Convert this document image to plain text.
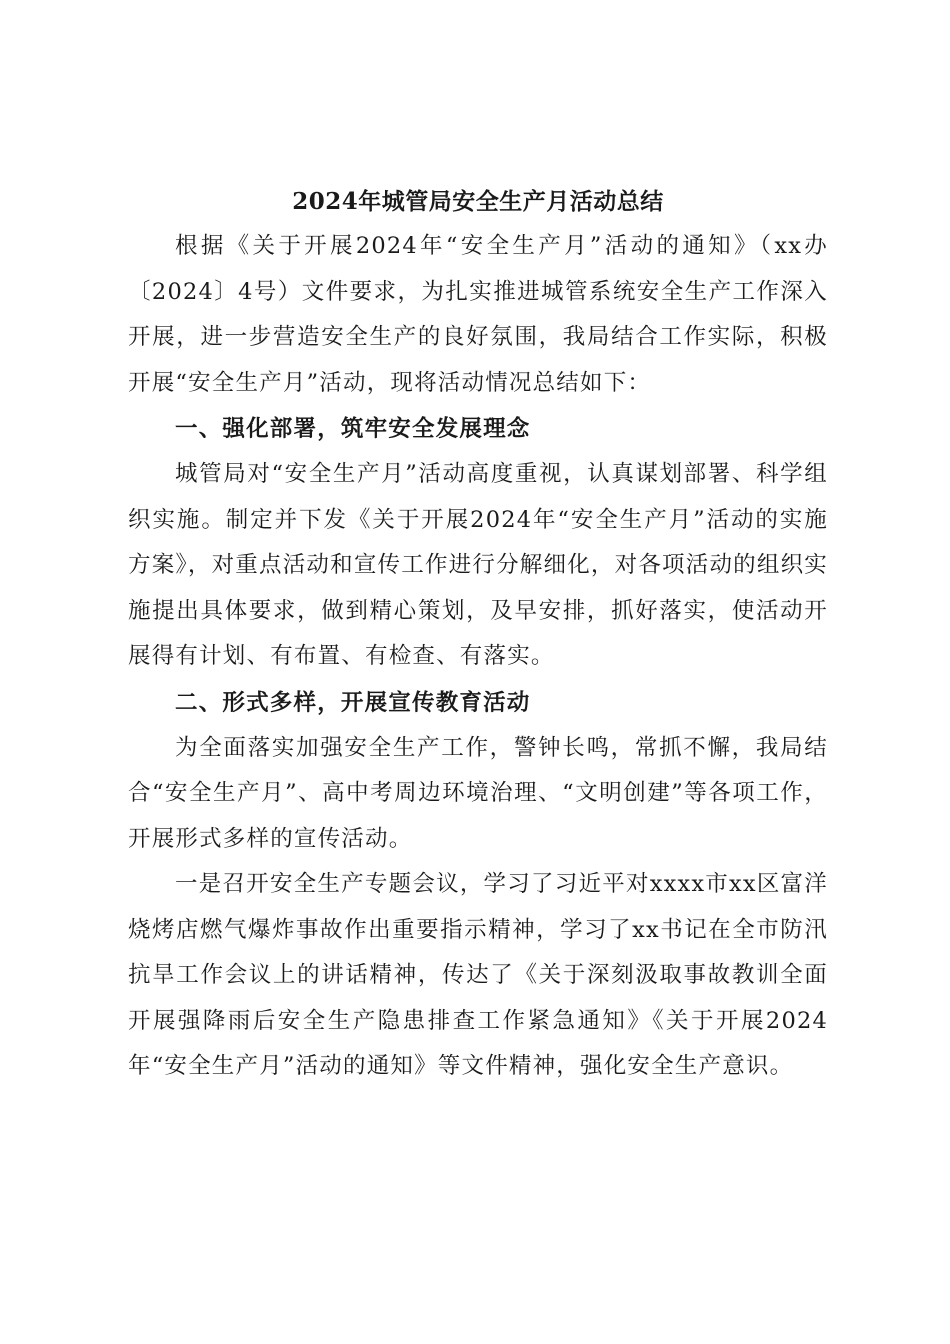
2024年城管局安全生产月活动总结

根据《关于开展2024年“安全生产月”活动的通知》（xx办〔2024〕4号）文件要求，为扎实推进城管系统安全生产工作深入开展，进一步营造安全生产的良好氛围，我局结合工作实际，积极开展“安全生产月”活动，现将活动情况总结如下：

一、强化部署，筑牢安全发展理念

城管局对“安全生产月”活动高度重视，认真谋划部署、科学组织实施。制定并下发《关于开展2024年“安全生产月”活动的实施方案》，对重点活动和宣传工作进行分解细化，对各项活动的组织实施提出具体要求，做到精心策划，及早安排，抓好落实，使活动开展得有计划、有布置、有检查、有落实。

二、形式多样，开展宣传教育活动

为全面落实加强安全生产工作，警钟长鸣，常抓不懈，我局结合“安全生产月”、高中考周边环境治理、“文明创建”等各项工作，开展形式多样的宣传活动。

一是召开安全生产专题会议，学习了习近平对xxxx市xx区富洋烧烤店燃气爆炸事故作出重要指示精神，学习了xx书记在全市防汛抗旱工作会议上的讲话精神，传达了《关于深刻汲取事故教训全面开展强降雨后安全生产隐患排查工作紧急通知》《关于开展2024年“安全生产月”活动的通知》等文件精神，强化安全生产意识。
